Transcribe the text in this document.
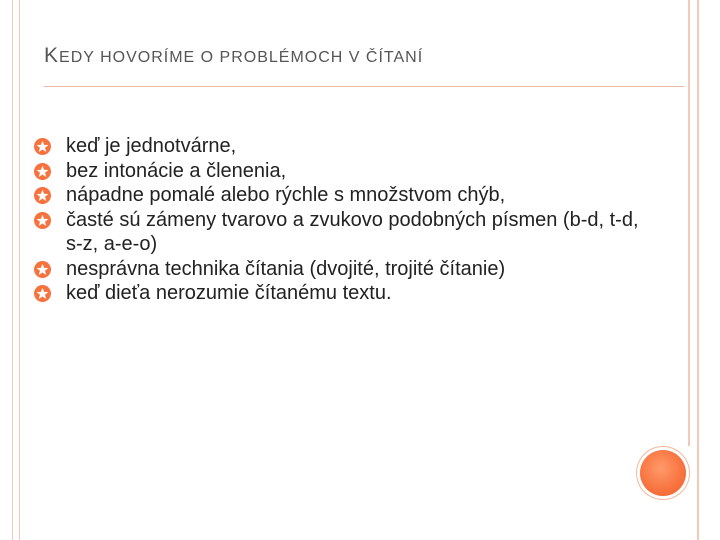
KEDY HOVORÍME O PROBLÉMOCH V ČÍTANÍ
keď je jednotvárne,
bez intonácie a členenia,
nápadne pomalé alebo rýchle s množstvom chýb,
časté sú zámeny tvarovo a zvukovo podobných písmen (b-d, t-d, s-z, a-e-o)
nesprávna technika čítania (dvojité, trojité čítanie)
keď dieťa nerozumie čítanému textu.
